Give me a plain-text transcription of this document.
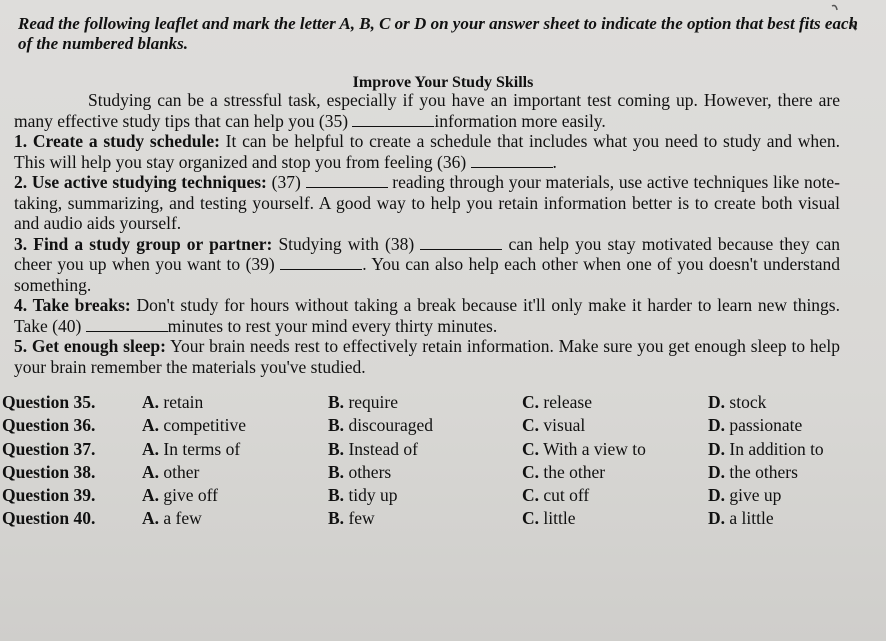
Read the following leaflet and mark the letter A, B, C or D on your answer sheet to indicate the option that best fits each of the numbered blanks.
Improve Your Study Skills

Studying can be a stressful task, especially if you have an important test coming up. However, there are many effective study tips that can help you (35)	information more easily.

1. Create a study schedule: It can be helpful to create a schedule that includes what you need to study and when. This will help you stay organized and stop you from feeling (36)	.

2. Use active studying techniques: (37)	reading through your materials, use active techniques like note-taking, summarizing, and testing yourself. A good way to help you retain information better is to create both visual and audio aids yourself.

3. Find a study group or partner: Studying with (38)	can help you stay motivated because they can cheer you up when you want to (39)	. You can also help each other when one of you doesn't understand something.

4. Take breaks: Don't study for hours without taking a break because it'll only make it harder to learn new things. Take (40)	minutes to rest your mind every thirty minutes.

5. Get enough sleep: Your brain needs rest to effectively retain information. Make sure you get enough sleep to help your brain remember the materials you've studied.

Question 35.	A. retain	B. require	C. release	D. stock
Question 36.	A. competitive	B. discouraged	C. visual	D. passionate
Question 37.	A. In terms of	B. Instead of	C. With a view to	D. In addition to
Question 38.	A. other	B. others	C. the other	D. the others
Question 39.	A. give off	B. tidy up	C. cut off	D. give up
Question 40.	A. a few	B. few	C. little	D. a little
